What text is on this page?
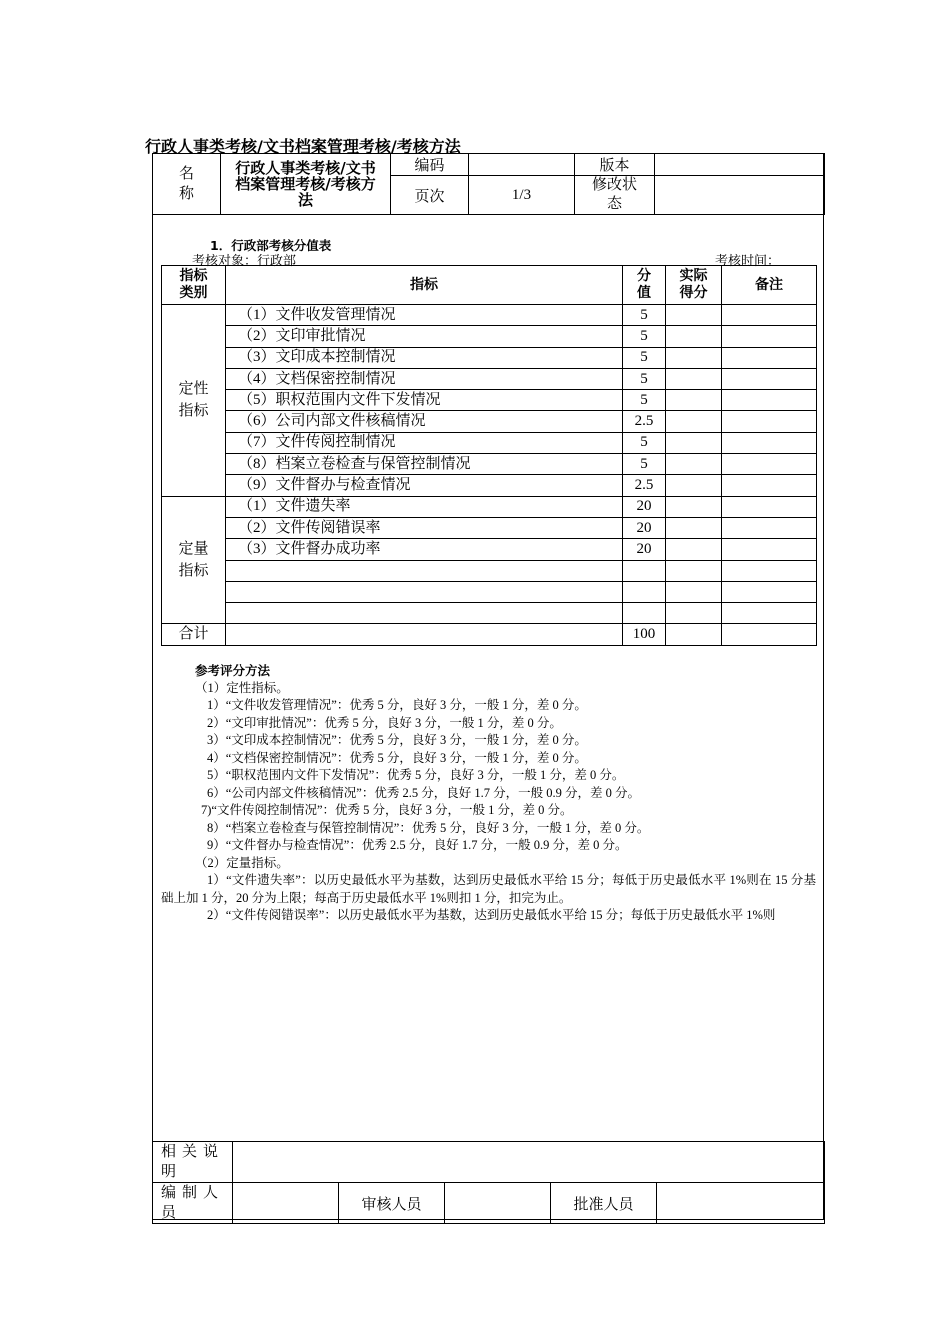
行政人事类考核/文书档案管理考核/考核方法
名称	行政人事类考核/文书档案管理考核/考核方法	编码		版本	
		页次	1/3	修改状态	
1．行政部考核分值表
考核对象：行政部	考核时间：
指标类别	指标	分值	实际得分	备注
定性指标	（1）文件收发管理情况	5		
	（2）文印审批情况	5		
	（3）文印成本控制情况	5		
	（4）文档保密控制情况	5		
	（5）职权范围内文件下发情况	5		
	（6）公司内部文件核稿情况	2.5		
	（7）文件传阅控制情况	5		
	（8）档案立卷检查与保管控制情况	5		
	（9）文件督办与检查情况	2.5		
定量指标	（1）文件遗失率	20		
	（2）文件传阅错误率	20		
	（3）文件督办成功率	20		

合计		100		
参考评分方法
（1）定性指标。
1）“文件收发管理情况”：优秀 5 分，良好 3 分，一般 1 分，差 0 分。
2）“文印审批情况”：优秀 5 分，良好 3 分，一般 1 分，差 0 分。
3）“文印成本控制情况”：优秀 5 分，良好 3 分，一般 1 分，差 0 分。
4）“文档保密控制情况”：优秀 5 分，良好 3 分，一般 1 分，差 0 分。
5）“职权范围内文件下发情况”：优秀 5 分，良好 3 分，一般 1 分，差 0 分。
6）“公司内部文件核稿情况”：优秀 2.5 分，良好 1.7 分，一般 0.9 分，差 0 分。
7)“文件传阅控制情况”：优秀 5 分，良好 3 分，一般 1 分，差 0 分。
8）“档案立卷检查与保管控制情况”：优秀 5 分，良好 3 分，一般 1 分，差 0 分。
9）“文件督办与检查情况”：优秀 2.5 分，良好 1.7 分，一般 0.9 分，差 0 分。
（2）定量指标。
1）“文件遗失率”：以历史最低水平为基数，达到历史最低水平给 15 分；每低于历史最低水平 1%则在 15 分基础上加 1 分，20 分为上限；每高于历史最低水平 1%则扣 1 分，扣完为止。
2）“文件传阅错误率”：以历史最低水平为基数，达到历史最低水平给 15 分；每低于历史最低水平 1%则
相关说明					
编制人员		审核人员		批准人员	
